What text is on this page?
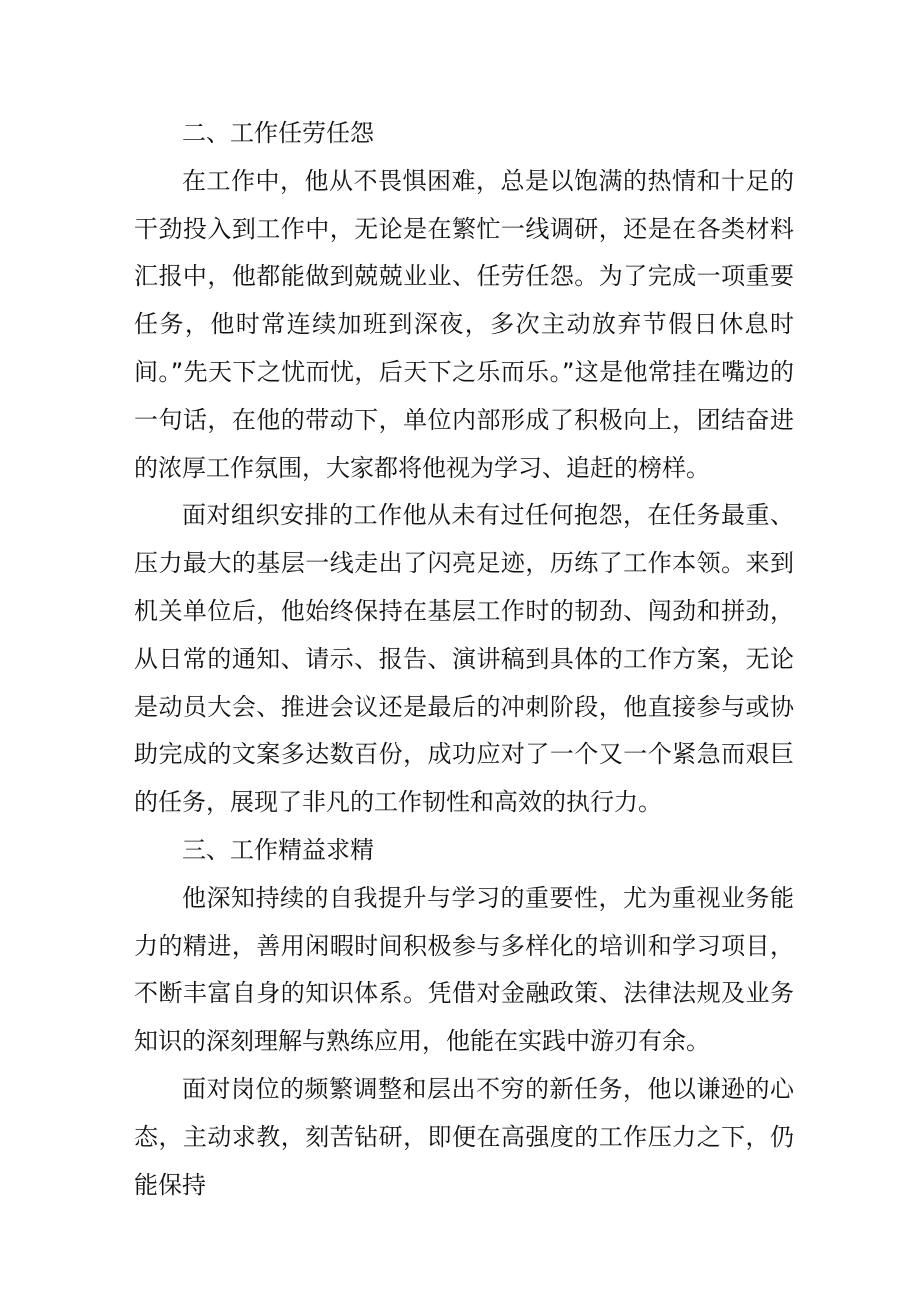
二、工作任劳任怨

在工作中，他从不畏惧困难，总是以饱满的热情和十足的干劲投入到工作中，无论是在繁忙一线调研，还是在各类材料汇报中，他都能做到兢兢业业、任劳任怨。为了完成一项重要任务，他时常连续加班到深夜，多次主动放弃节假日休息时间。”先天下之忧而忧，后天下之乐而乐。”这是他常挂在嘴边的一句话，在他的带动下，单位内部形成了积极向上，团结奋进的浓厚工作氛围，大家都将他视为学习、追赶的榜样。

面对组织安排的工作他从未有过任何抱怨，在任务最重、压力最大的基层一线走出了闪亮足迹，历练了工作本领。来到机关单位后，他始终保持在基层工作时的韧劲、闯劲和拼劲，从日常的通知、请示、报告、演讲稿到具体的工作方案，无论是动员大会、推进会议还是最后的冲刺阶段，他直接参与或协助完成的文案多达数百份，成功应对了一个又一个紧急而艰巨的任务，展现了非凡的工作韧性和高效的执行力。

三、工作精益求精

他深知持续的自我提升与学习的重要性，尤为重视业务能力的精进，善用闲暇时间积极参与多样化的培训和学习项目，不断丰富自身的知识体系。凭借对金融政策、法律法规及业务知识的深刻理解与熟练应用，他能在实践中游刃有余。

面对岗位的频繁调整和层出不穷的新任务，他以谦逊的心态，主动求教，刻苦钻研，即便在高强度的工作压力之下，仍能保持
